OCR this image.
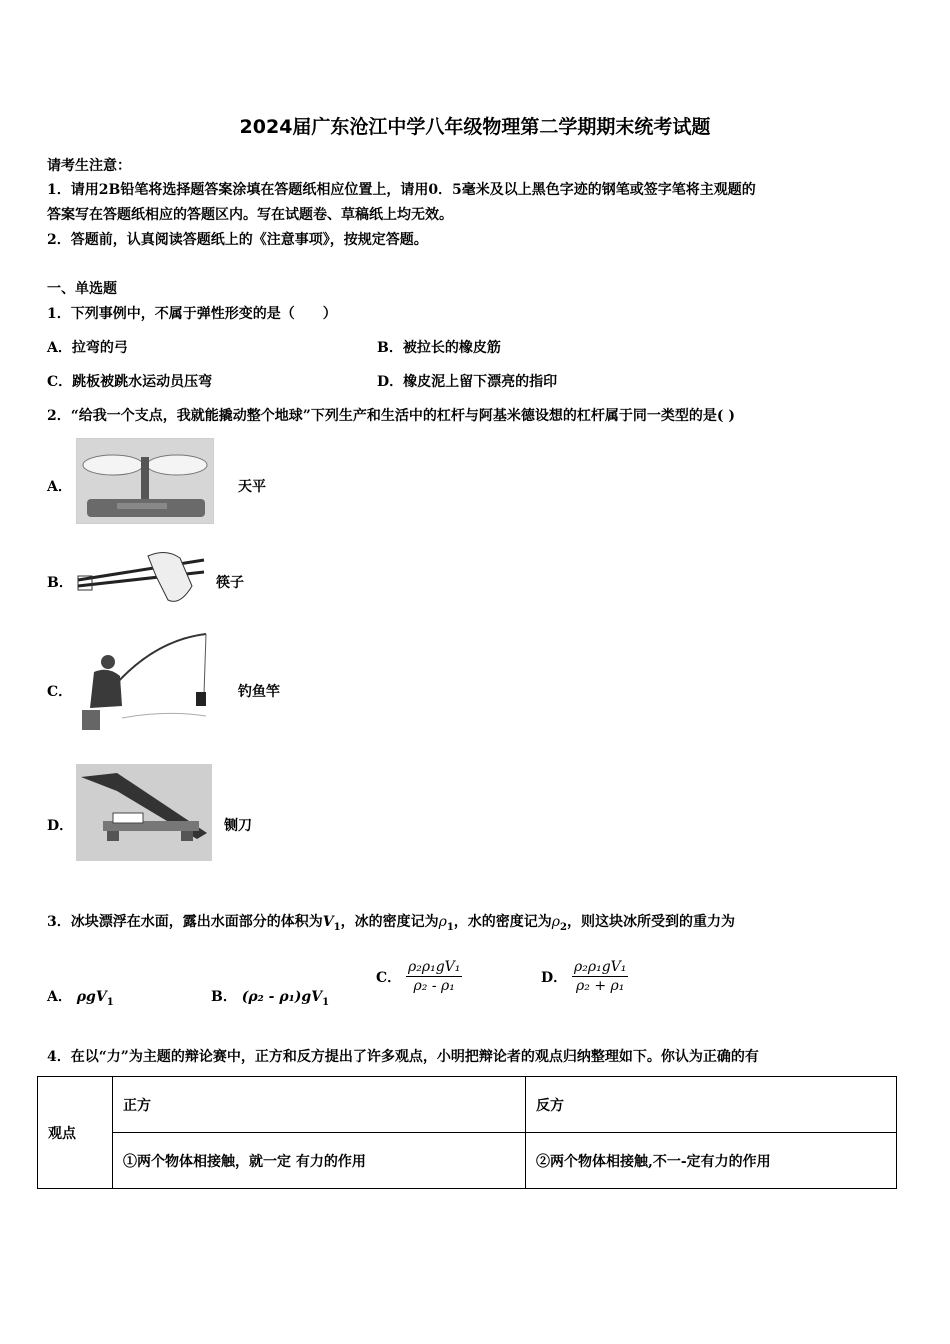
2024届广东沧江中学八年级物理第二学期期末统考试题
请考生注意：
1．请用2B铅笔将选择题答案涂填在答题纸相应位置上，请用0．5毫米及以上黑色字迹的钢笔或签字笔将主观题的
答案写在答题纸相应的答题区内。写在试题卷、草稿纸上均无效。
2．答题前，认真阅读答题纸上的《注意事项》，按规定答题。
一、单选题
1．下列事例中，不属于弹性形变的是（　　）
A．拉弯的弓	B．被拉长的橡皮筋
C．跳板被跳水运动员压弯	D．橡皮泥上留下漂亮的指印
2．“给我一个支点，我就能撬动整个地球”下列生产和生活中的杠杆与阿基米德设想的杠杆属于同一类型的是( )
A．	天平
B．	筷子
C．	钓鱼竿
D．	铡刀
3．冰块漂浮在水面，露出水面部分的体积为$V_1$，冰的密度记为$\rho_1$，水的密度记为$\rho_2$，则这块冰所受到的重力为
A． ρgV$_1$	B． $(\rho_2 - \rho_1)gV_1$
C． $\frac{\text{ρ₂ρ₁gV₁}}{\text{ρ₂ - ρ₁}}$	D． $\frac{\text{ρ₂ρ₁gV₁}}{\text{ρ₂ + ρ₁}}$
4．在以“力”为主题的辩论赛中，正方和反方提出了许多观点，小明把辩论者的观点归纳整理如下。你认为正确的有
观点	正方	反方
	①两个物体相接触，就一定 有力的作用	②两个物体相接触,不一-定有力的作用
